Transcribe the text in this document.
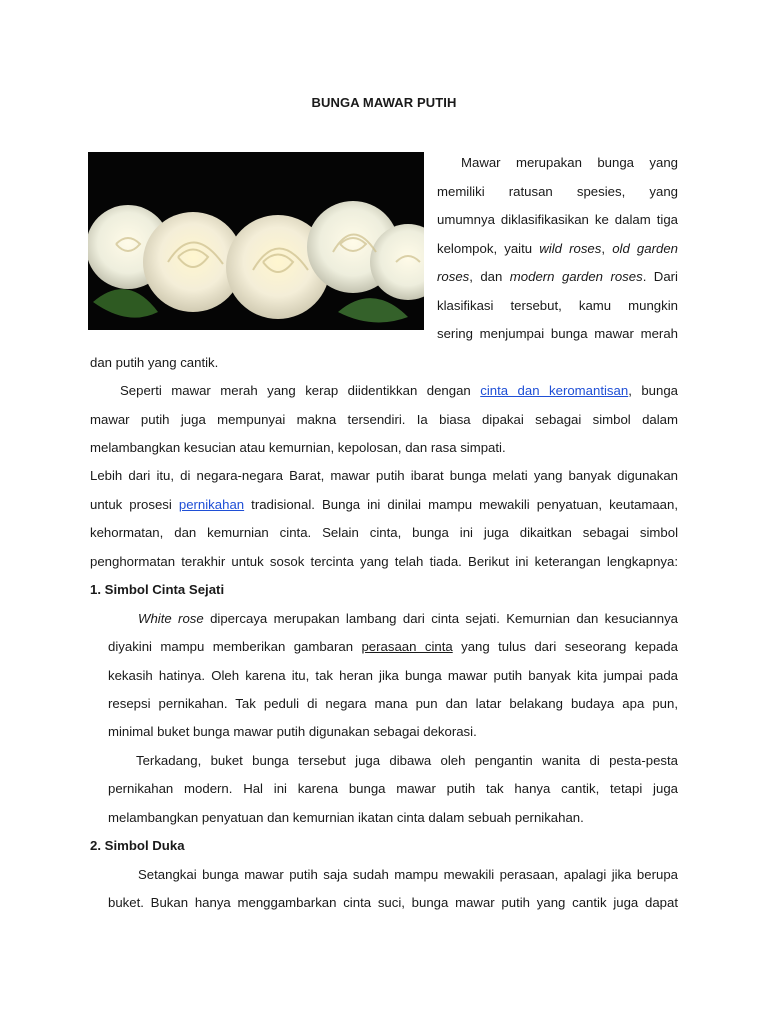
BUNGA MAWAR PUTIH
Mawar merupakan bunga yang
memiliki ratusan spesies, yang
umumnya diklasifikasikan ke dalam tiga
kelompok, yaitu wild roses, old garden
roses, dan modern garden roses. Dari
klasifikasi tersebut, kamu mungkin
sering menjumpai bunga mawar merah
dan putih yang cantik.
Seperti mawar merah yang kerap diidentikkan dengan cinta dan keromantisan, bunga
mawar putih juga mempunyai makna tersendiri. Ia biasa dipakai sebagai simbol dalam
melambangkan kesucian atau kemurnian, kepolosan, dan rasa simpati.
Lebih dari itu, di negara-negara Barat, mawar putih ibarat bunga melati yang banyak digunakan
untuk prosesi pernikahan tradisional. Bunga ini dinilai mampu mewakili penyatuan, keutamaan,
kehormatan, dan kemurnian cinta. Selain cinta, bunga ini juga dikaitkan sebagai simbol
penghormatan terakhir untuk sosok tercinta yang telah tiada. Berikut ini keterangan lengkapnya:
1. Simbol Cinta Sejati
White rose dipercaya merupakan lambang dari cinta sejati. Kemurnian dan kesuciannya
diyakini mampu memberikan gambaran perasaan cinta yang tulus dari seseorang kepada
kekasih hatinya. Oleh karena itu, tak heran jika bunga mawar putih banyak kita jumpai pada
resepsi pernikahan. Tak peduli di negara mana pun dan latar belakang budaya apa pun,
minimal buket bunga mawar putih digunakan sebagai dekorasi.
Terkadang, buket bunga tersebut juga dibawa oleh pengantin wanita di pesta-pesta
pernikahan modern. Hal ini karena bunga mawar putih tak hanya cantik, tetapi juga
melambangkan penyatuan dan kemurnian ikatan cinta dalam sebuah pernikahan.
2. Simbol Duka
Setangkai bunga mawar putih saja sudah mampu mewakili perasaan, apalagi jika berupa
buket. Bukan hanya menggambarkan cinta suci, bunga mawar putih yang cantik juga dapat
